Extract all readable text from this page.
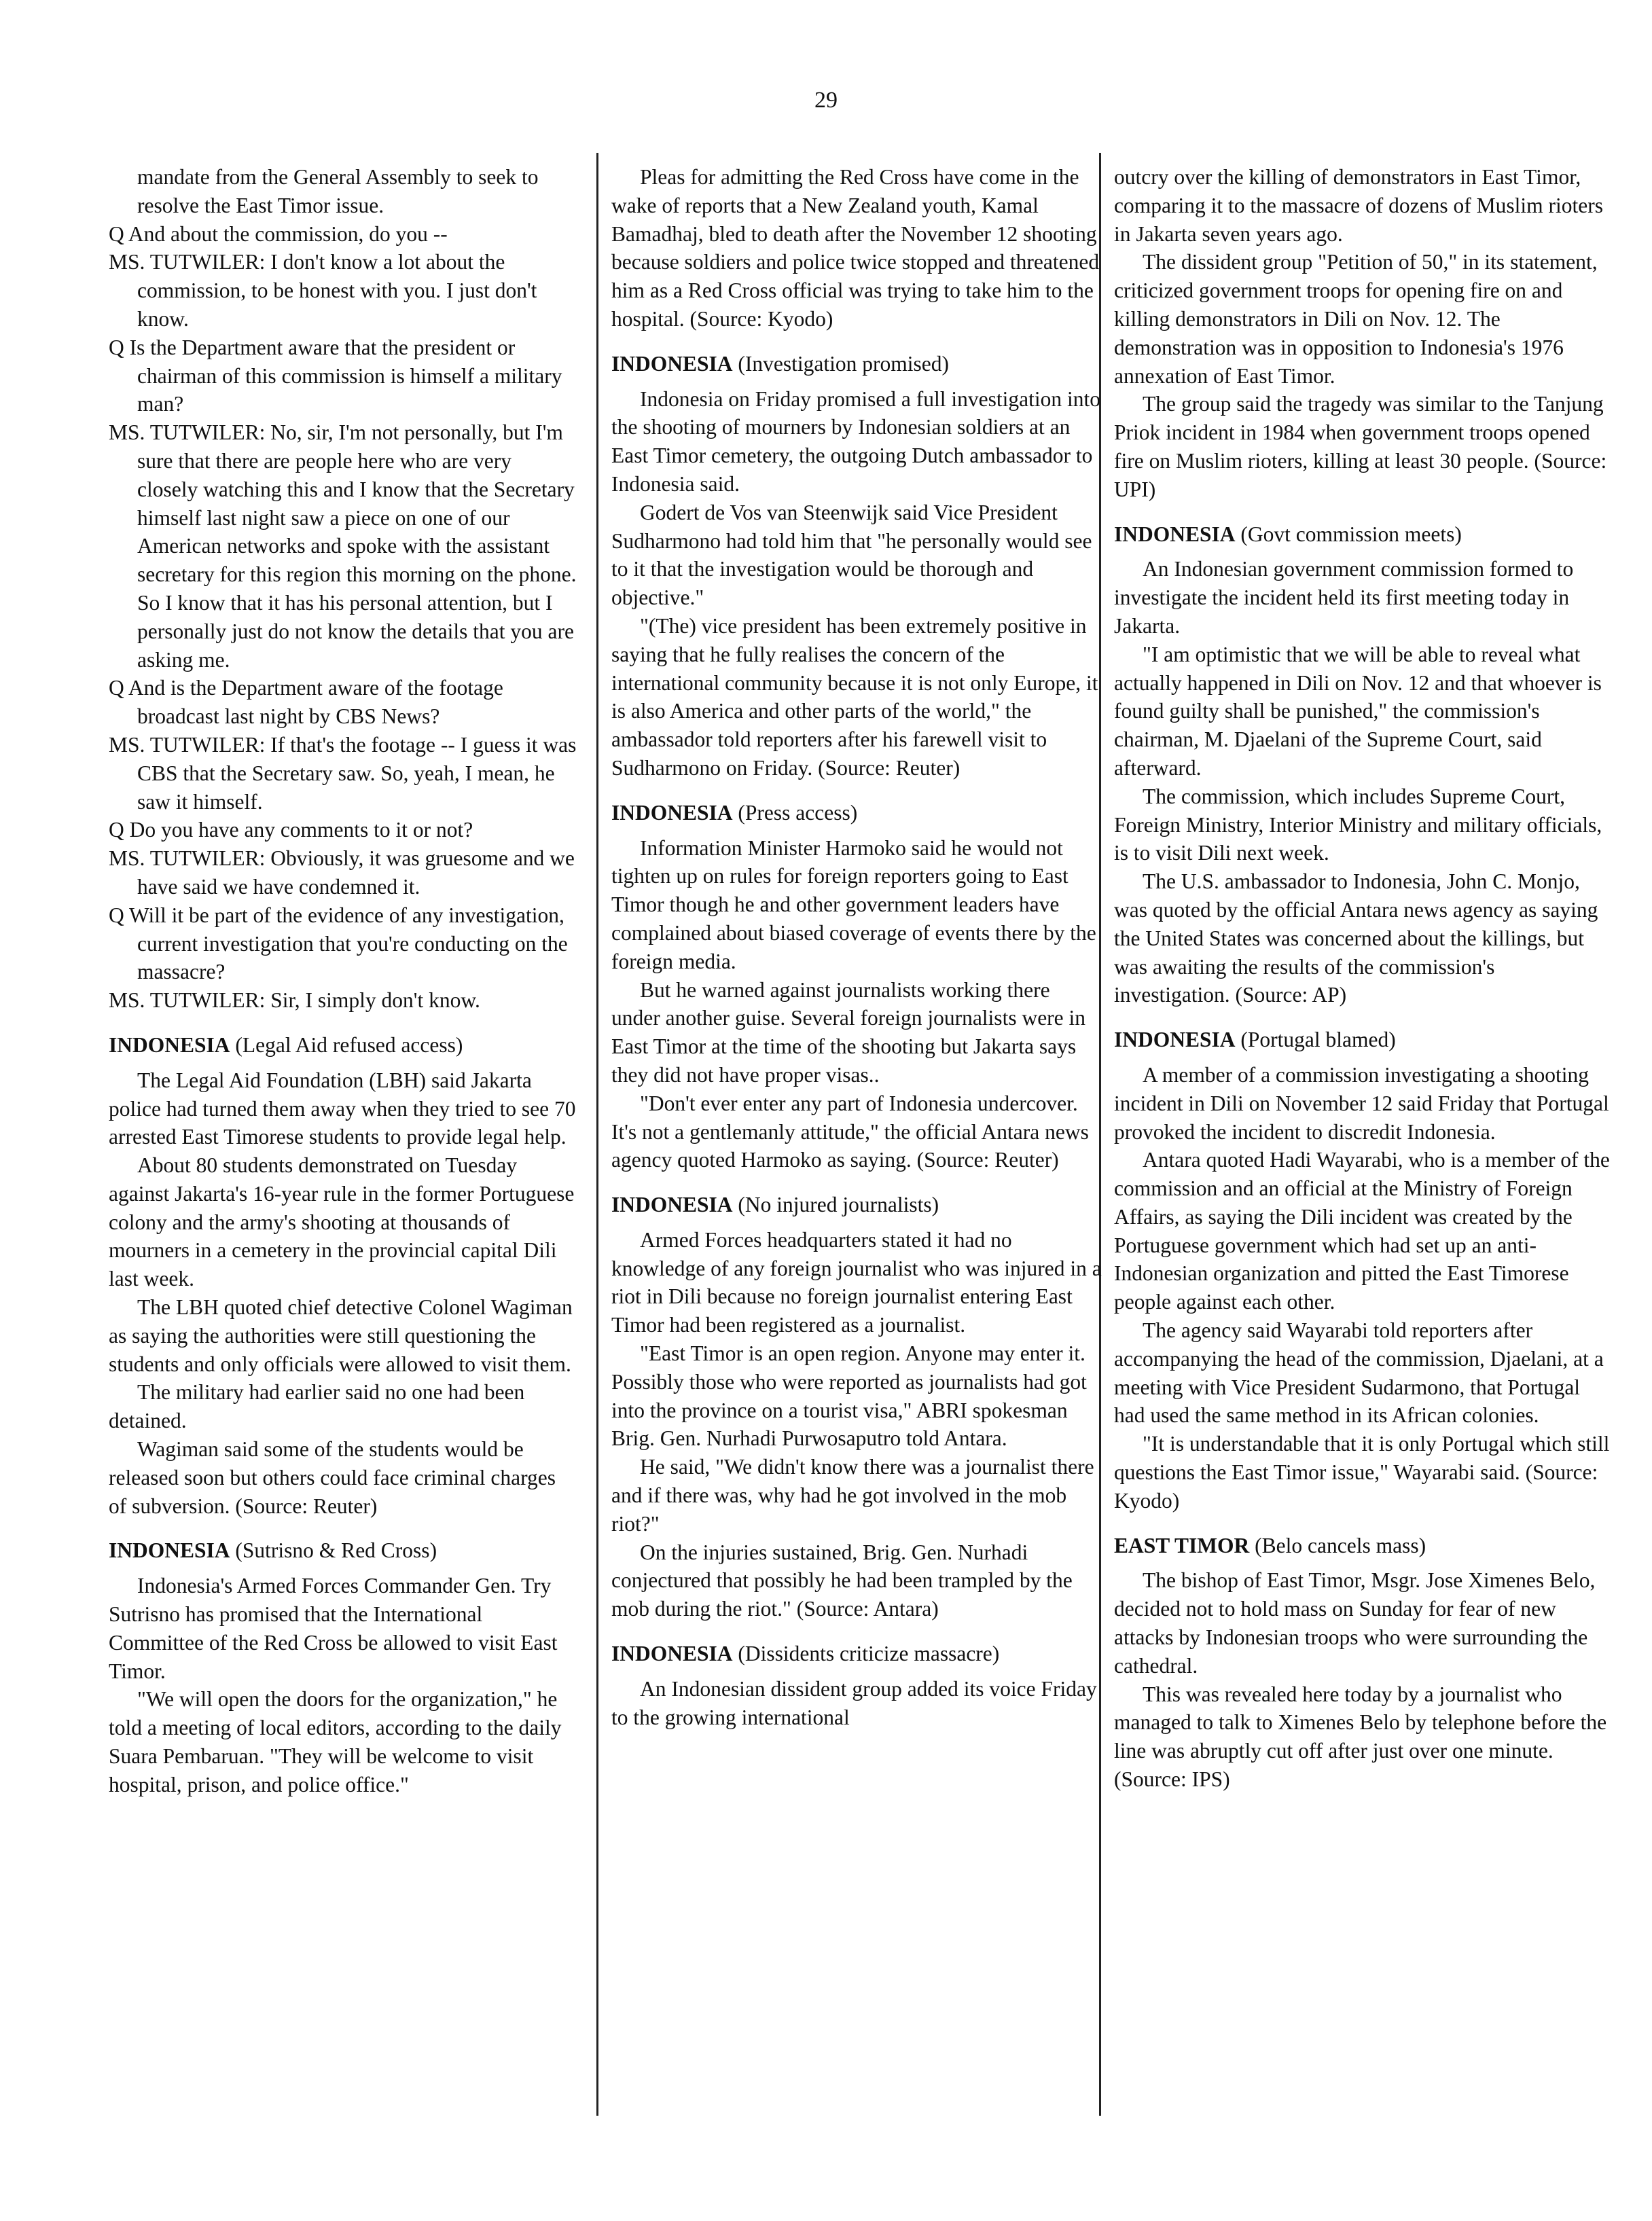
29

mandate from the General Assembly to seek to resolve the East Timor issue.

Q And about the commission, do you --

MS. TUTWILER: I don't know a lot about the commission, to be honest with you. I just don't know.

Q Is the Department aware that the president or chairman of this commission is himself a military man?

MS. TUTWILER: No, sir, I'm not personally, but I'm sure that there are people here who are very closely watching this and I know that the Secretary himself last night saw a piece on one of our American networks and spoke with the assistant secretary for this region this morning on the phone. So I know that it has his personal attention, but I personally just do not know the details that you are asking me.

Q And is the Department aware of the footage broadcast last night by CBS News?

MS. TUTWILER: If that's the footage -- I guess it was CBS that the Secretary saw. So, yeah, I mean, he saw it himself.

Q Do you have any comments to it or not?

MS. TUTWILER: Obviously, it was gruesome and we have said we have condemned it.

Q Will it be part of the evidence of any investigation, current investigation that you're conducting on the massacre?

MS. TUTWILER: Sir, I simply don't know.

INDONESIA (Legal Aid refused access)

The Legal Aid Foundation (LBH) said Jakarta police had turned them away when they tried to see 70 arrested East Timorese students to provide legal help.

About 80 students demonstrated on Tuesday against Jakarta's 16-year rule in the former Portuguese colony and the army's shooting at thousands of mourners in a cemetery in the provincial capital Dili last week.

The LBH quoted chief detective Colonel Wagiman as saying the authorities were still questioning the students and only officials were allowed to visit them.

The military had earlier said no one had been detained.

Wagiman said some of the students would be released soon but others could face criminal charges of subversion. (Source: Reuter)

INDONESIA (Sutrisno & Red Cross)

Indonesia's Armed Forces Commander Gen. Try Sutrisno has promised that the International Committee of the Red Cross be allowed to visit East Timor.

"We will open the doors for the organization," he told a meeting of local editors, according to the daily Suara Pembaruan. "They will be welcome to visit hospital, prison, and police office."

Pleas for admitting the Red Cross have come in the wake of reports that a New Zealand youth, Kamal Bamadhaj, bled to death after the November 12 shooting because soldiers and police twice stopped and threatened him as a Red Cross official was trying to take him to the hospital. (Source: Kyodo)

INDONESIA (Investigation promised)

Indonesia on Friday promised a full investigation into the shooting of mourners by Indonesian soldiers at an East Timor cemetery, the outgoing Dutch ambassador to Indonesia said.

Godert de Vos van Steenwijk said Vice President Sudharmono had told him that "he personally would see to it that the investigation would be thorough and objective."

"(The) vice president has been extremely positive in saying that he fully realises the concern of the international community because it is not only Europe, it is also America and other parts of the world," the ambassador told reporters after his farewell visit to Sudharmono on Friday. (Source: Reuter)

INDONESIA (Press access)

Information Minister Harmoko said he would not tighten up on rules for foreign reporters going to East Timor though he and other government leaders have complained about biased coverage of events there by the foreign media.

But he warned against journalists working there under another guise. Several foreign journalists were in East Timor at the time of the shooting but Jakarta says they did not have proper visas..

"Don't ever enter any part of Indonesia undercover. It's not a gentlemanly attitude," the official Antara news agency quoted Harmoko as saying. (Source: Reuter)

INDONESIA (No injured journalists)

Armed Forces headquarters stated it had no knowledge of any foreign journalist who was injured in a riot in Dili because no foreign journalist entering East Timor had been registered as a journalist.

"East Timor is an open region. Anyone may enter it. Possibly those who were reported as journalists had got into the province on a tourist visa," ABRI spokesman Brig. Gen. Nurhadi Purwosaputro told Antara.

He said, "We didn't know there was a journalist there and if there was, why had he got involved in the mob riot?"

On the injuries sustained, Brig. Gen. Nurhadi conjectured that possibly he had been trampled by the mob during the riot." (Source: Antara)

INDONESIA (Dissidents criticize massacre)

An Indonesian dissident group added its voice Friday to the growing international

outcry over the killing of demonstrators in East Timor, comparing it to the massacre of dozens of Muslim rioters in Jakarta seven years ago.

The dissident group "Petition of 50," in its statement, criticized government troops for opening fire on and killing demonstrators in Dili on Nov. 12. The demonstration was in opposition to Indonesia's 1976 annexation of East Timor.

The group said the tragedy was similar to the Tanjung Priok incident in 1984 when government troops opened fire on Muslim rioters, killing at least 30 people. (Source: UPI)

INDONESIA (Govt commission meets)

An Indonesian government commission formed to investigate the incident held its first meeting today in Jakarta.

"I am optimistic that we will be able to reveal what actually happened in Dili on Nov. 12 and that whoever is found guilty shall be punished," the commission's chairman, M. Djaelani of the Supreme Court, said afterward.

The commission, which includes Supreme Court, Foreign Ministry, Interior Ministry and military officials, is to visit Dili next week.

The U.S. ambassador to Indonesia, John C. Monjo, was quoted by the official Antara news agency as saying the United States was concerned about the killings, but was awaiting the results of the commission's investigation. (Source: AP)

INDONESIA (Portugal blamed)

A member of a commission investigating a shooting incident in Dili on November 12 said Friday that Portugal provoked the incident to discredit Indonesia.

Antara quoted Hadi Wayarabi, who is a member of the commission and an official at the Ministry of Foreign Affairs, as saying the Dili incident was created by the Portuguese government which had set up an anti-Indonesian organization and pitted the East Timorese people against each other.

The agency said Wayarabi told reporters after accompanying the head of the commission, Djaelani, at a meeting with Vice President Sudarmono, that Portugal had used the same method in its African colonies.

"It is understandable that it is only Portugal which still questions the East Timor issue," Wayarabi said. (Source: Kyodo)

EAST TIMOR (Belo cancels mass)

The bishop of East Timor, Msgr. Jose Ximenes Belo, decided not to hold mass on Sunday for fear of new attacks by Indonesian troops who were surrounding the cathedral.

This was revealed here today by a journalist who managed to talk to Ximenes Belo by telephone before the line was abruptly cut off after just over one minute. (Source: IPS)
